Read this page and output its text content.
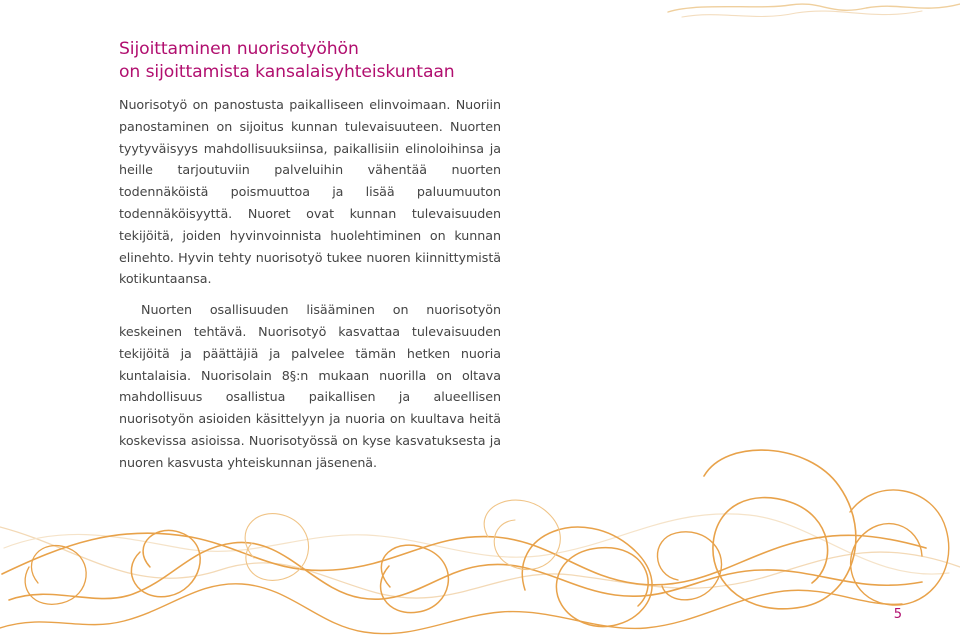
Sijoittaminen nuorisotyöhön
on sijoittamista kansalaisyhteiskuntaan

Nuorisotyö on panostusta paikalliseen elinvoimaan. Nuoriin panostaminen on sijoitus kunnan tulevaisuuteen. Nuorten tyytyväisyys mahdollisuuksiinsa, paikallisiin elinoloihinsa ja heille tarjoutuviin palveluihin vähentää nuorten todennäköistä poismuuttoa ja lisää paluumuuton todennäköisyyttä. Nuoret ovat kunnan tulevaisuuden tekijöitä, joiden hyvinvoinnista huolehtiminen on kunnan elinehto. Hyvin tehty nuorisotyö tukee nuoren kiinnittymistä kotikuntaansa.

Nuorten osallisuuden lisääminen on nuorisotyön keskeinen tehtävä. Nuorisotyö kasvattaa tulevaisuuden tekijöitä ja päättäjiä ja palvelee tämän hetken nuoria kuntalaisia. Nuorisolain 8§:n mukaan nuorilla on oltava mahdollisuus osallistua paikallisen ja alueellisen nuorisotyön asioiden käsittelyyn ja nuoria on kuultava heitä koskevissa asioissa. Nuorisotyössä on kyse kasvatuksesta ja nuoren kasvusta yhteiskunnan jäsenenä.

5
